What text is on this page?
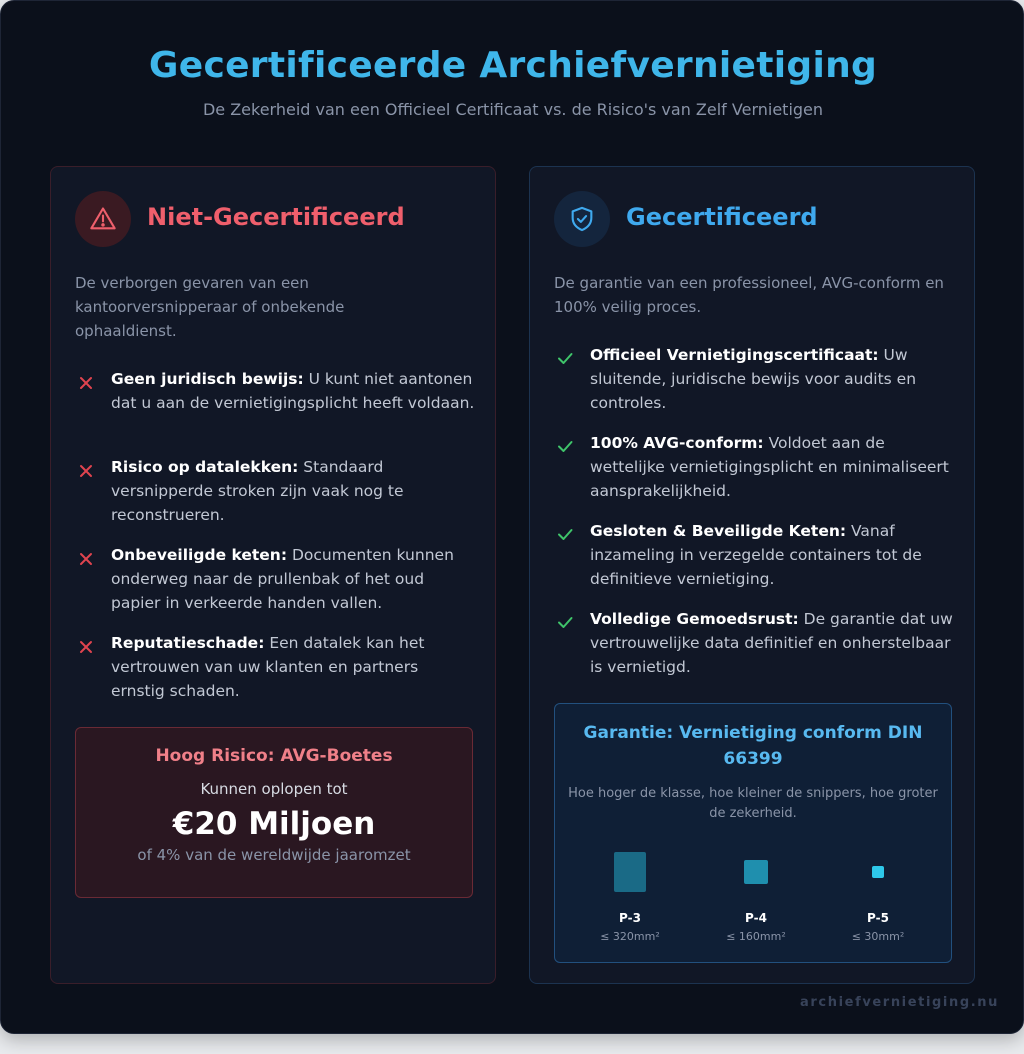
Gecertificeerde Archiefvernietiging
De Zekerheid van een Officieel Certificaat vs. de Risico's van Zelf Vernietigen
Niet-Gecertificeerd
De verborgen gevaren van een kantoorversnipperaar of onbekende ophaaldienst.
Geen juridisch bewijs: U kunt niet aantonen dat u aan de vernietigingsplicht heeft voldaan.
Risico op datalekken: Standaard versnipperde stroken zijn vaak nog te reconstrueren.
Onbeveiligde keten: Documenten kunnen onderweg naar de prullenbak of het oud papier in verkeerde handen vallen.
Reputatieschade: Een datalek kan het vertrouwen van uw klanten en partners ernstig schaden.
Hoog Risico: AVG-Boetes
Kunnen oplopen tot
€20 Miljoen
of 4% van de wereldwijde jaaromzet
Gecertificeerd
De garantie van een professioneel, AVG-conform en 100% veilig proces.
Officieel Vernietigingscertificaat: Uw sluitende, juridische bewijs voor audits en controles.
100% AVG-conform: Voldoet aan de wettelijke vernietigingsplicht en minimaliseert aansprakelijkheid.
Gesloten & Beveiligde Keten: Vanaf inzameling in verzegelde containers tot de definitieve vernietiging.
Volledige Gemoedsrust: De garantie dat uw vertrouwelijke data definitief en onherstelbaar is vernietigd.
Garantie: Vernietiging conform DIN 66399
Hoe hoger de klasse, hoe kleiner de snippers, hoe groter de zekerheid.
P-3
≤ 320mm²
P-4
≤ 160mm²
P-5
≤ 30mm²
archiefvernietiging.nu
